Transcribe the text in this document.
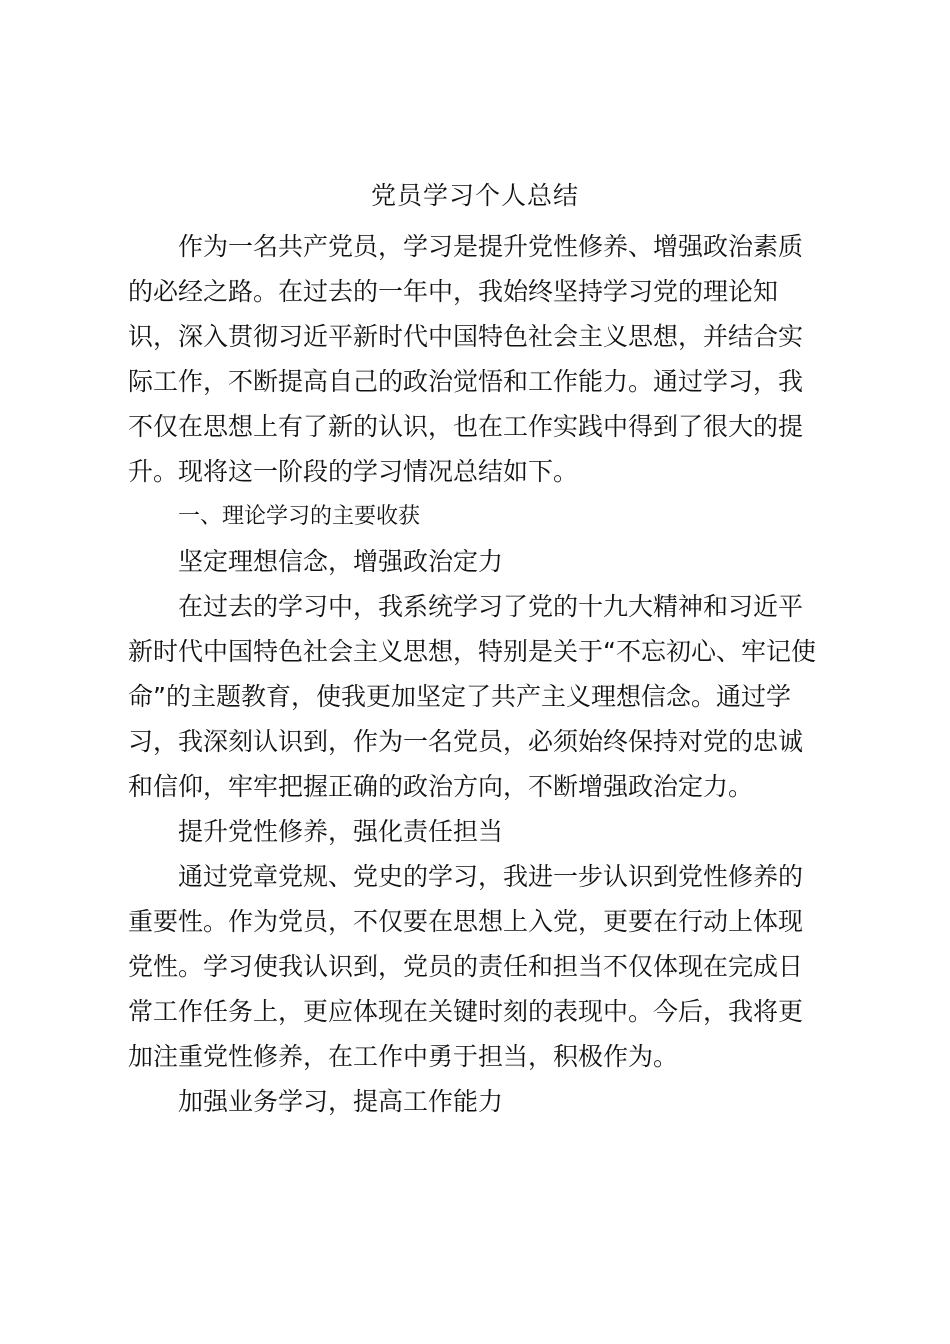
党员学习个人总结

作为一名共产党员，学习是提升党性修养、增强政治素质
的必经之路。在过去的一年中，我始终坚持学习党的理论知
识，深入贯彻习近平新时代中国特色社会主义思想，并结合实
际工作，不断提高自己的政治觉悟和工作能力。通过学习，我
不仅在思想上有了新的认识，也在工作实践中得到了很大的提
升。现将这一阶段的学习情况总结如下。

一、理论学习的主要收获

坚定理想信念，增强政治定力

在过去的学习中，我系统学习了党的十九大精神和习近平
新时代中国特色社会主义思想，特别是关于“不忘初心、牢记使
命”的主题教育，使我更加坚定了共产主义理想信念。通过学
习，我深刻认识到，作为一名党员，必须始终保持对党的忠诚
和信仰，牢牢把握正确的政治方向，不断增强政治定力。

提升党性修养，强化责任担当

通过党章党规、党史的学习，我进一步认识到党性修养的
重要性。作为党员，不仅要在思想上入党，更要在行动上体现
党性。学习使我认识到，党员的责任和担当不仅体现在完成日
常工作任务上，更应体现在关键时刻的表现中。今后，我将更
加注重党性修养，在工作中勇于担当，积极作为。

加强业务学习，提高工作能力
